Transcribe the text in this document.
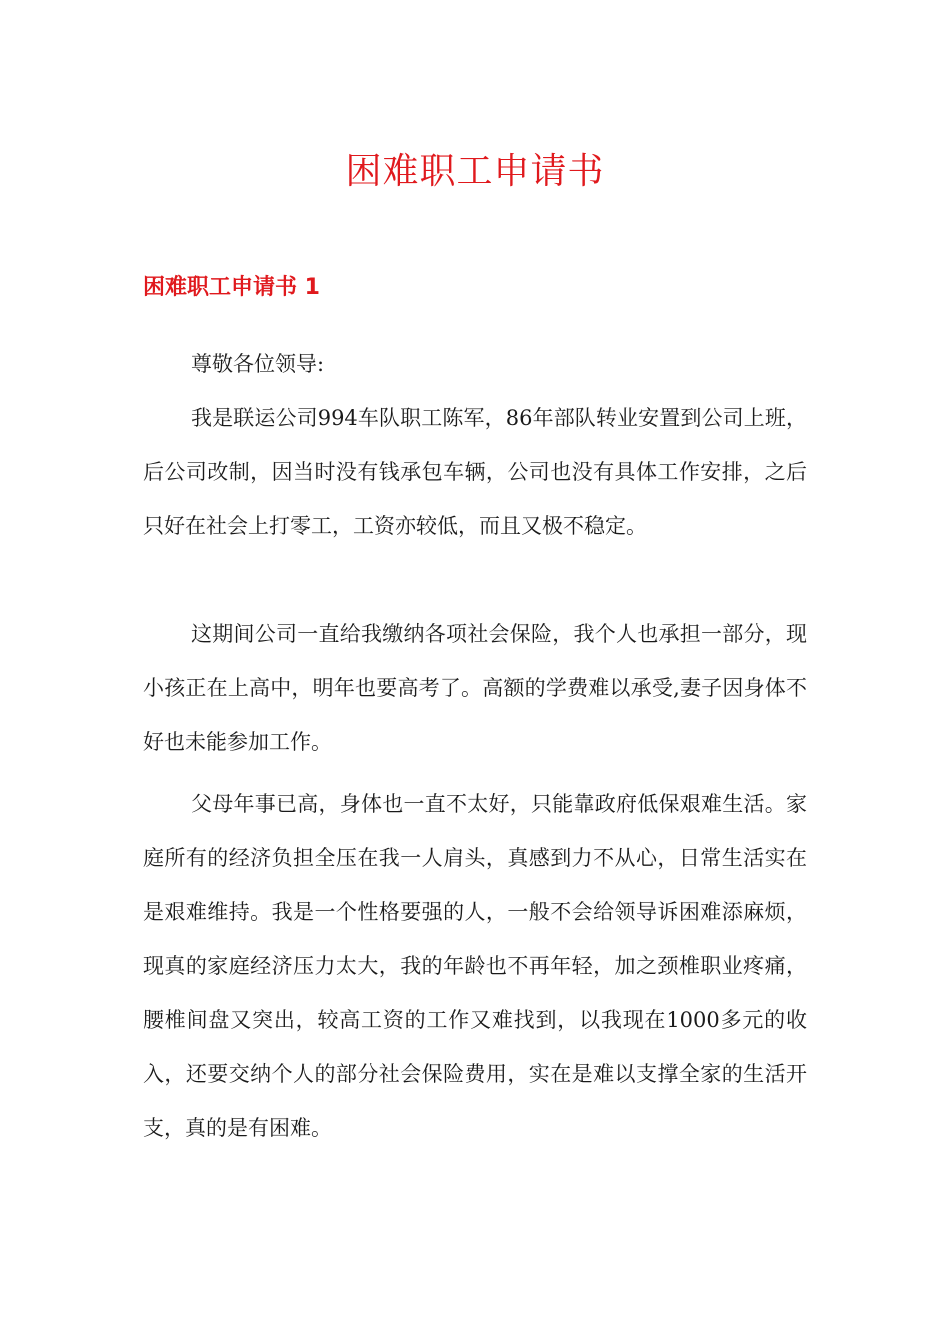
困难职工申请书
困难职工申请书 1

尊敬各位领导:

我是联运公司994车队职工陈军，86年部队转业安置到公司上班，后公司改制，因当时没有钱承包车辆，公司也没有具体工作安排，之后只好在社会上打零工，工资亦较低，而且又极不稳定。

这期间公司一直给我缴纳各项社会保险，我个人也承担一部分，现小孩正在上高中，明年也要高考了。高额的学费难以承受,妻子因身体不好也未能参加工作。

父母年事已高，身体也一直不太好，只能靠政府低保艰难生活。家庭所有的经济负担全压在我一人肩头，真感到力不从心，日常生活实在是艰难维持。我是一个性格要强的人，一般不会给领导诉困难添麻烦，现真的家庭经济压力太大，我的年龄也不再年轻，加之颈椎职业疼痛，腰椎间盘又突出，较高工资的工作又难找到，以我现在1000多元的收入，还要交纳个人的部分社会保险费用，实在是难以支撑全家的生活开支，真的是有困难。
